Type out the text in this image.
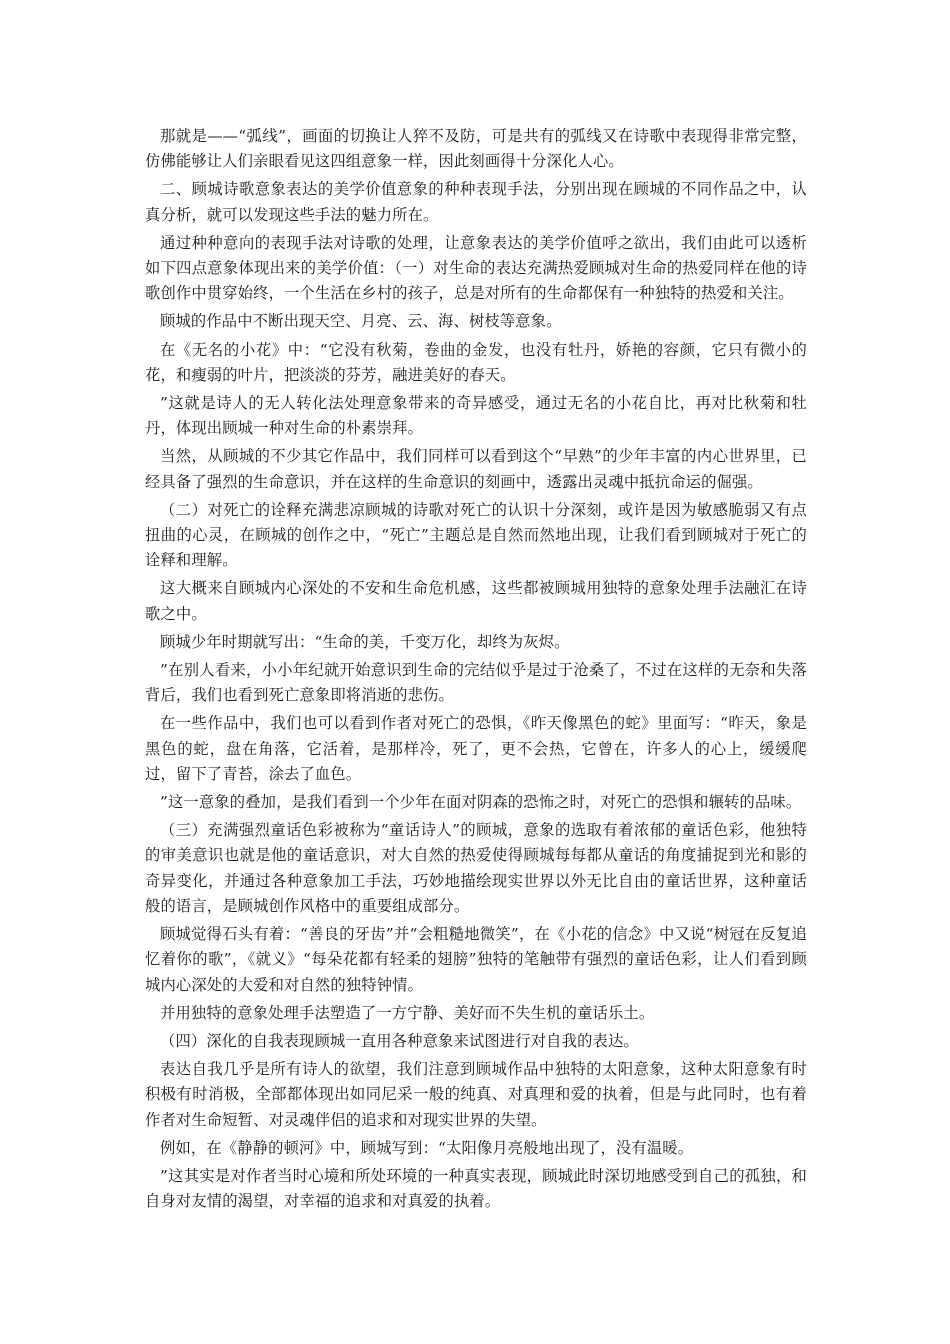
那就是——“弧线”，画面的切换让人猝不及防，可是共有的弧线又在诗歌中表现得非常完整，仿佛能够让人们亲眼看见这四组意象一样，因此刻画得十分深化人心。

二、顾城诗歌意象表达的美学价值意象的种种表现手法，分别出现在顾城的不同作品之中，认真分析，就可以发现这些手法的魅力所在。

通过种种意向的表现手法对诗歌的处理，让意象表达的美学价值呼之欲出，我们由此可以透析如下四点意象体现出来的美学价值：（一）对生命的表达充满热爱顾城对生命的热爱同样在他的诗歌创作中贯穿始终，一个生活在乡村的孩子，总是对所有的生命都保有一种独特的热爱和关注。

顾城的作品中不断出现天空、月亮、云、海、树枝等意象。

在《无名的小花》中：“它没有秋菊，卷曲的金发，也没有牡丹，娇艳的容颜，它只有微小的花，和瘦弱的叶片，把淡淡的芬芳，融进美好的春天。

”这就是诗人的无人转化法处理意象带来的奇异感受，通过无名的小花自比，再对比秋菊和牡丹，体现出顾城一种对生命的朴素崇拜。

当然，从顾城的不少其它作品中，我们同样可以看到这个“早熟”的少年丰富的内心世界里，已经具备了强烈的生命意识，并在这样的生命意识的刻画中，透露出灵魂中抵抗命运的倔强。

（二）对死亡的诠释充满悲凉顾城的诗歌对死亡的认识十分深刻，或许是因为敏感脆弱又有点扭曲的心灵，在顾城的创作之中，“死亡”主题总是自然而然地出现，让我们看到顾城对于死亡的诠释和理解。

这大概来自顾城内心深处的不安和生命危机感，这些都被顾城用独特的意象处理手法融汇在诗歌之中。

顾城少年时期就写出：“生命的美，千变万化，却终为灰烬。

”在别人看来，小小年纪就开始意识到生命的完结似乎是过于沧桑了，不过在这样的无奈和失落背后，我们也看到死亡意象即将消逝的悲伤。

在一些作品中，我们也可以看到作者对死亡的恐惧，《昨天像黑色的蛇》里面写：“昨天，象是黑色的蛇，盘在角落，它活着，是那样冷，死了，更不会热，它曾在，许多人的心上，缓缓爬过，留下了青苔，涂去了血色。

”这一意象的叠加，是我们看到一个少年在面对阴森的恐怖之时，对死亡的恐惧和辗转的品味。

（三）充满强烈童话色彩被称为“童话诗人”的顾城，意象的选取有着浓郁的童话色彩，他独特的审美意识也就是他的童话意识，对大自然的热爱使得顾城每每都从童话的角度捕捉到光和影的奇异变化，并通过各种意象加工手法，巧妙地描绘现实世界以外无比自由的童话世界，这种童话般的语言，是顾城创作风格中的重要组成部分。

顾城觉得石头有着：“善良的牙齿”并“会粗糙地微笑”，在《小花的信念》中又说“树冠在反复追忆着你的歌”，《就义》“每朵花都有轻柔的翅膀”独特的笔触带有强烈的童话色彩，让人们看到顾城内心深处的大爱和对自然的独特钟情。

并用独特的意象处理手法塑造了一方宁静、美好而不失生机的童话乐土。

（四）深化的自我表现顾城一直用各种意象来试图进行对自我的表达。

表达自我几乎是所有诗人的欲望，我们注意到顾城作品中独特的太阳意象，这种太阳意象有时积极有时消极，全部都体现出如同尼采一般的纯真、对真理和爱的执着，但是与此同时，也有着作者对生命短暂、对灵魂伴侣的追求和对现实世界的失望。

例如，在《静静的顿河》中，顾城写到：“太阳像月亮般地出现了，没有温暖。

”这其实是对作者当时心境和所处环境的一种真实表现，顾城此时深切地感受到自己的孤独，和自身对友情的渴望，对幸福的追求和对真爱的执着。
